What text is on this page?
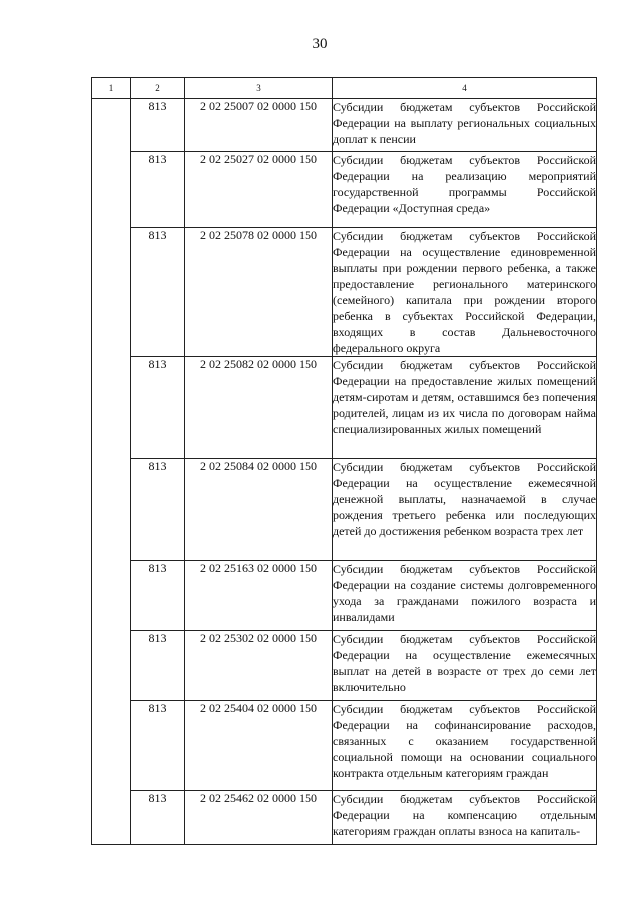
30
1	2	3	4
	813	2 02 25007 02 0000 150	Субсидии бюджетам субъектов Российской Федерации на выплату региональных социальных доплат к пенсии
	813	2 02 25027 02 0000 150	Субсидии бюджетам субъектов Российской Федерации на реализацию мероприятий государственной программы Российской Федерации «Доступная среда»
	813	2 02 25078 02 0000 150	Субсидии бюджетам субъектов Российской Федерации на осуществление единовременной выплаты при рождении первого ребенка, а также предоставление регионального материнского (семейного) капитала при рождении второго ребенка в субъектах Российской Федерации, входящих в состав Дальневосточного федерального округа
	813	2 02 25082 02 0000 150	Субсидии бюджетам субъектов Российской Федерации на предоставление жилых помещений детям-сиротам и детям, оставшимся без попечения родителей, лицам из их числа по договорам найма специализированных жилых помещений
	813	2 02 25084 02 0000 150	Субсидии бюджетам субъектов Российской Федерации на осуществление ежемесячной денежной выплаты, назначаемой в случае рождения третьего ребенка или последующих детей до достижения ребенком возраста трех лет
	813	2 02 25163 02 0000 150	Субсидии бюджетам субъектов Российской Федерации на создание системы долговременного ухода за гражданами пожилого возраста и инвалидами
	813	2 02 25302 02 0000 150	Субсидии бюджетам субъектов Российской Федерации на осуществление ежемесячных выплат на детей в возрасте от трех до семи лет включительно
	813	2 02 25404 02 0000 150	Субсидии бюджетам субъектов Российской Федерации на софинансирование расходов, связанных с оказанием государственной социальной помощи на основании социального контракта отдельным категориям граждан
	813	2 02 25462 02 0000 150	Субсидии бюджетам субъектов Российской Федерации на компенсацию отдельным категориям граждан оплаты взноса на капиталь-
